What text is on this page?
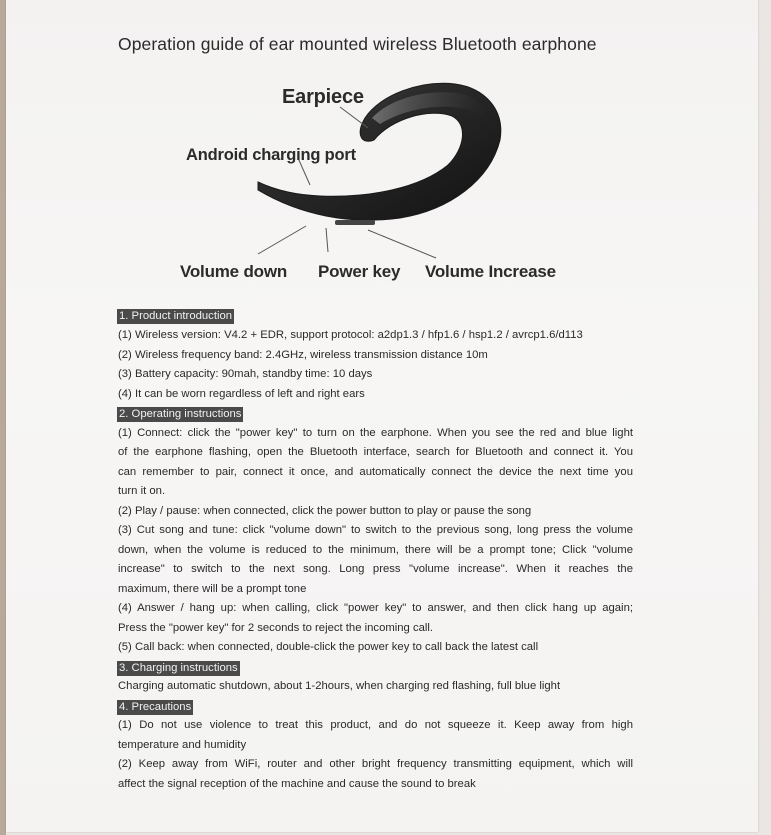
Operation guide of ear mounted wireless Bluetooth earphone
Earpiece
Android charging port
Volume down Power key Volume Increase
1. Product introduction
(1) Wireless version: V4.2 + EDR, support protocol: a2dp1.3 / hfp1.6 / hsp1.2 / avrcp1.6/d113
(2) Wireless frequency band: 2.4GHz, wireless transmission distance 10m
(3) Battery capacity: 90mah, standby time: 10 days
(4) It can be worn regardless of left and right ears
2. Operating instructions
(1) Connect: click the "power key" to turn on the earphone. When you see the red and blue light
of the earphone flashing, open the Bluetooth interface, search for Bluetooth and connect it. You
can remember to pair, connect it once, and automatically connect the device the next time you
turn it on.
(2) Play / pause: when connected, click the power button to play or pause the song
(3) Cut song and tune: click "volume down" to switch to the previous song, long press the volume
down, when the volume is reduced to the minimum, there will be a prompt tone; Click "volume
increase" to switch to the next song. Long press "volume increase". When it reaches the
maximum, there will be a prompt tone
(4) Answer / hang up: when calling, click "power key" to answer, and then click hang up again;
Press the "power key" for 2 seconds to reject the incoming call.
(5) Call back: when connected, double-click the power key to call back the latest call
3. Charging instructions
Charging automatic shutdown, about 1-2hours, when charging red flashing, full blue light
4. Precautions
(1) Do not use violence to treat this product, and do not squeeze it. Keep away from high
temperature and humidity
(2) Keep away from WiFi, router and other bright frequency transmitting equipment, which will
affect the signal reception of the machine and cause the sound to break
